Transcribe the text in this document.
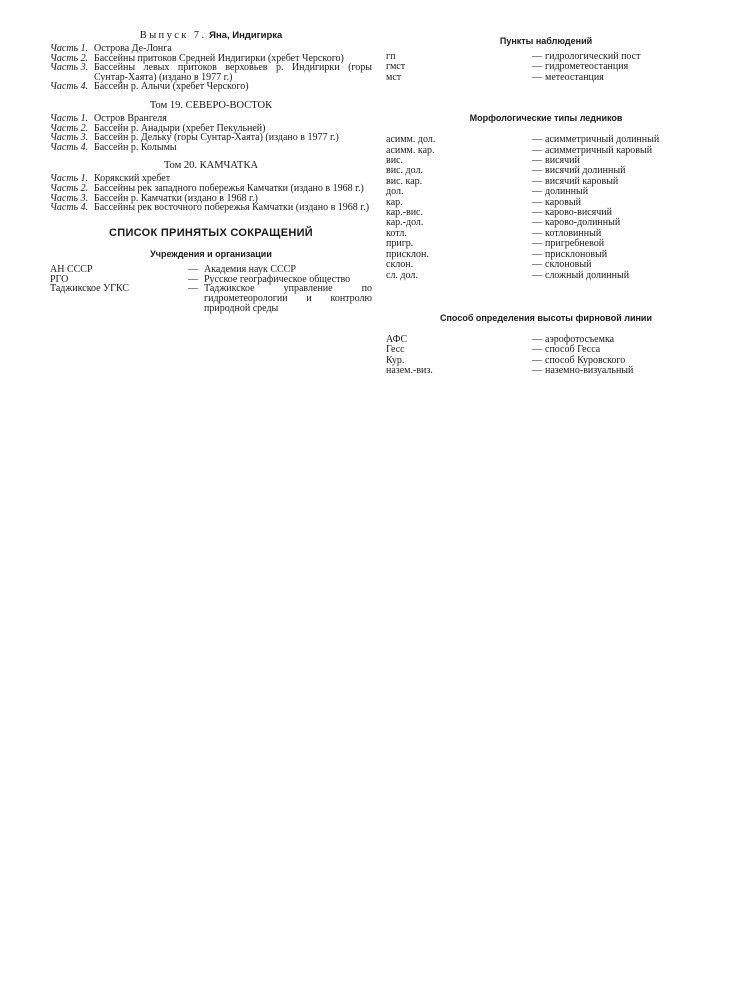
Выпуск 7. Яна, Индигирка
Часть 1. Острова Де-Лонга
Часть 2. Бассейны притоков Средней Индигирки (хребет Черского)
Часть 3. Бассейны левых притоков верховьев р. Индигирки (горы Сунтар-Хаята) (издано в 1977 г.)
Часть 4. Бассейн р. Алычи (хребет Черского)
Том 19. СЕВЕРО-ВОСТОК
Часть 1. Остров Врангеля
Часть 2. Бассейн р. Анадыри (хребет Пекульней)
Часть 3. Бассейн р. Дельку (горы Сунтар-Хаята) (издано в 1977 г.)
Часть 4. Бассейн р. Колымы
Том 20. КАМЧАТКА
Часть 1. Корякский хребет
Часть 2. Бассейны рек западного побережья Камчатки (издано в 1968 г.)
Часть 3. Бассейн р. Камчатки (издано в 1968 г.)
Часть 4. Бассейны рек восточного побережья Камчатки (издано в 1968 г.)
СПИСОК ПРИНЯТЫХ СОКРАЩЕНИЙ
Учреждения и организации
АН СССР	—	Академия наук СССР
РГО	—	Русское географическое общество
Таджикское УГКС	—	Таджикское управление по гидрометеорологии и контролю природной среды
Пункты наблюдений
гп	—	гидрологический пост
гмст	—	гидрометеостанция
мст	—	метеостанция
Морфологические типы ледников
асимм. дол.	—	асимметричный долинный
асимм. кар.	—	асимметричный каровый
вис.	—	висячий
вис. дол.	—	висячий долинный
вис. кар.	—	висячий каровый
дол.	—	долинный
кар.	—	каровый
кар.-вис.	—	карово-висячий
кар.-дол.	—	карово-долинный
котл.	—	котловинный
пригр.	—	пригребневой
присклон.	—	присклоновый
склон.	—	склоновый
сл. дол.	—	сложный долинный
Способ определения высоты фирновой линии
АФС	—	аэрофотосъемка
Гесс	—	способ Гесса
Кур.	—	способ Куровского
назем.-виз.	—	наземно-визуальный
